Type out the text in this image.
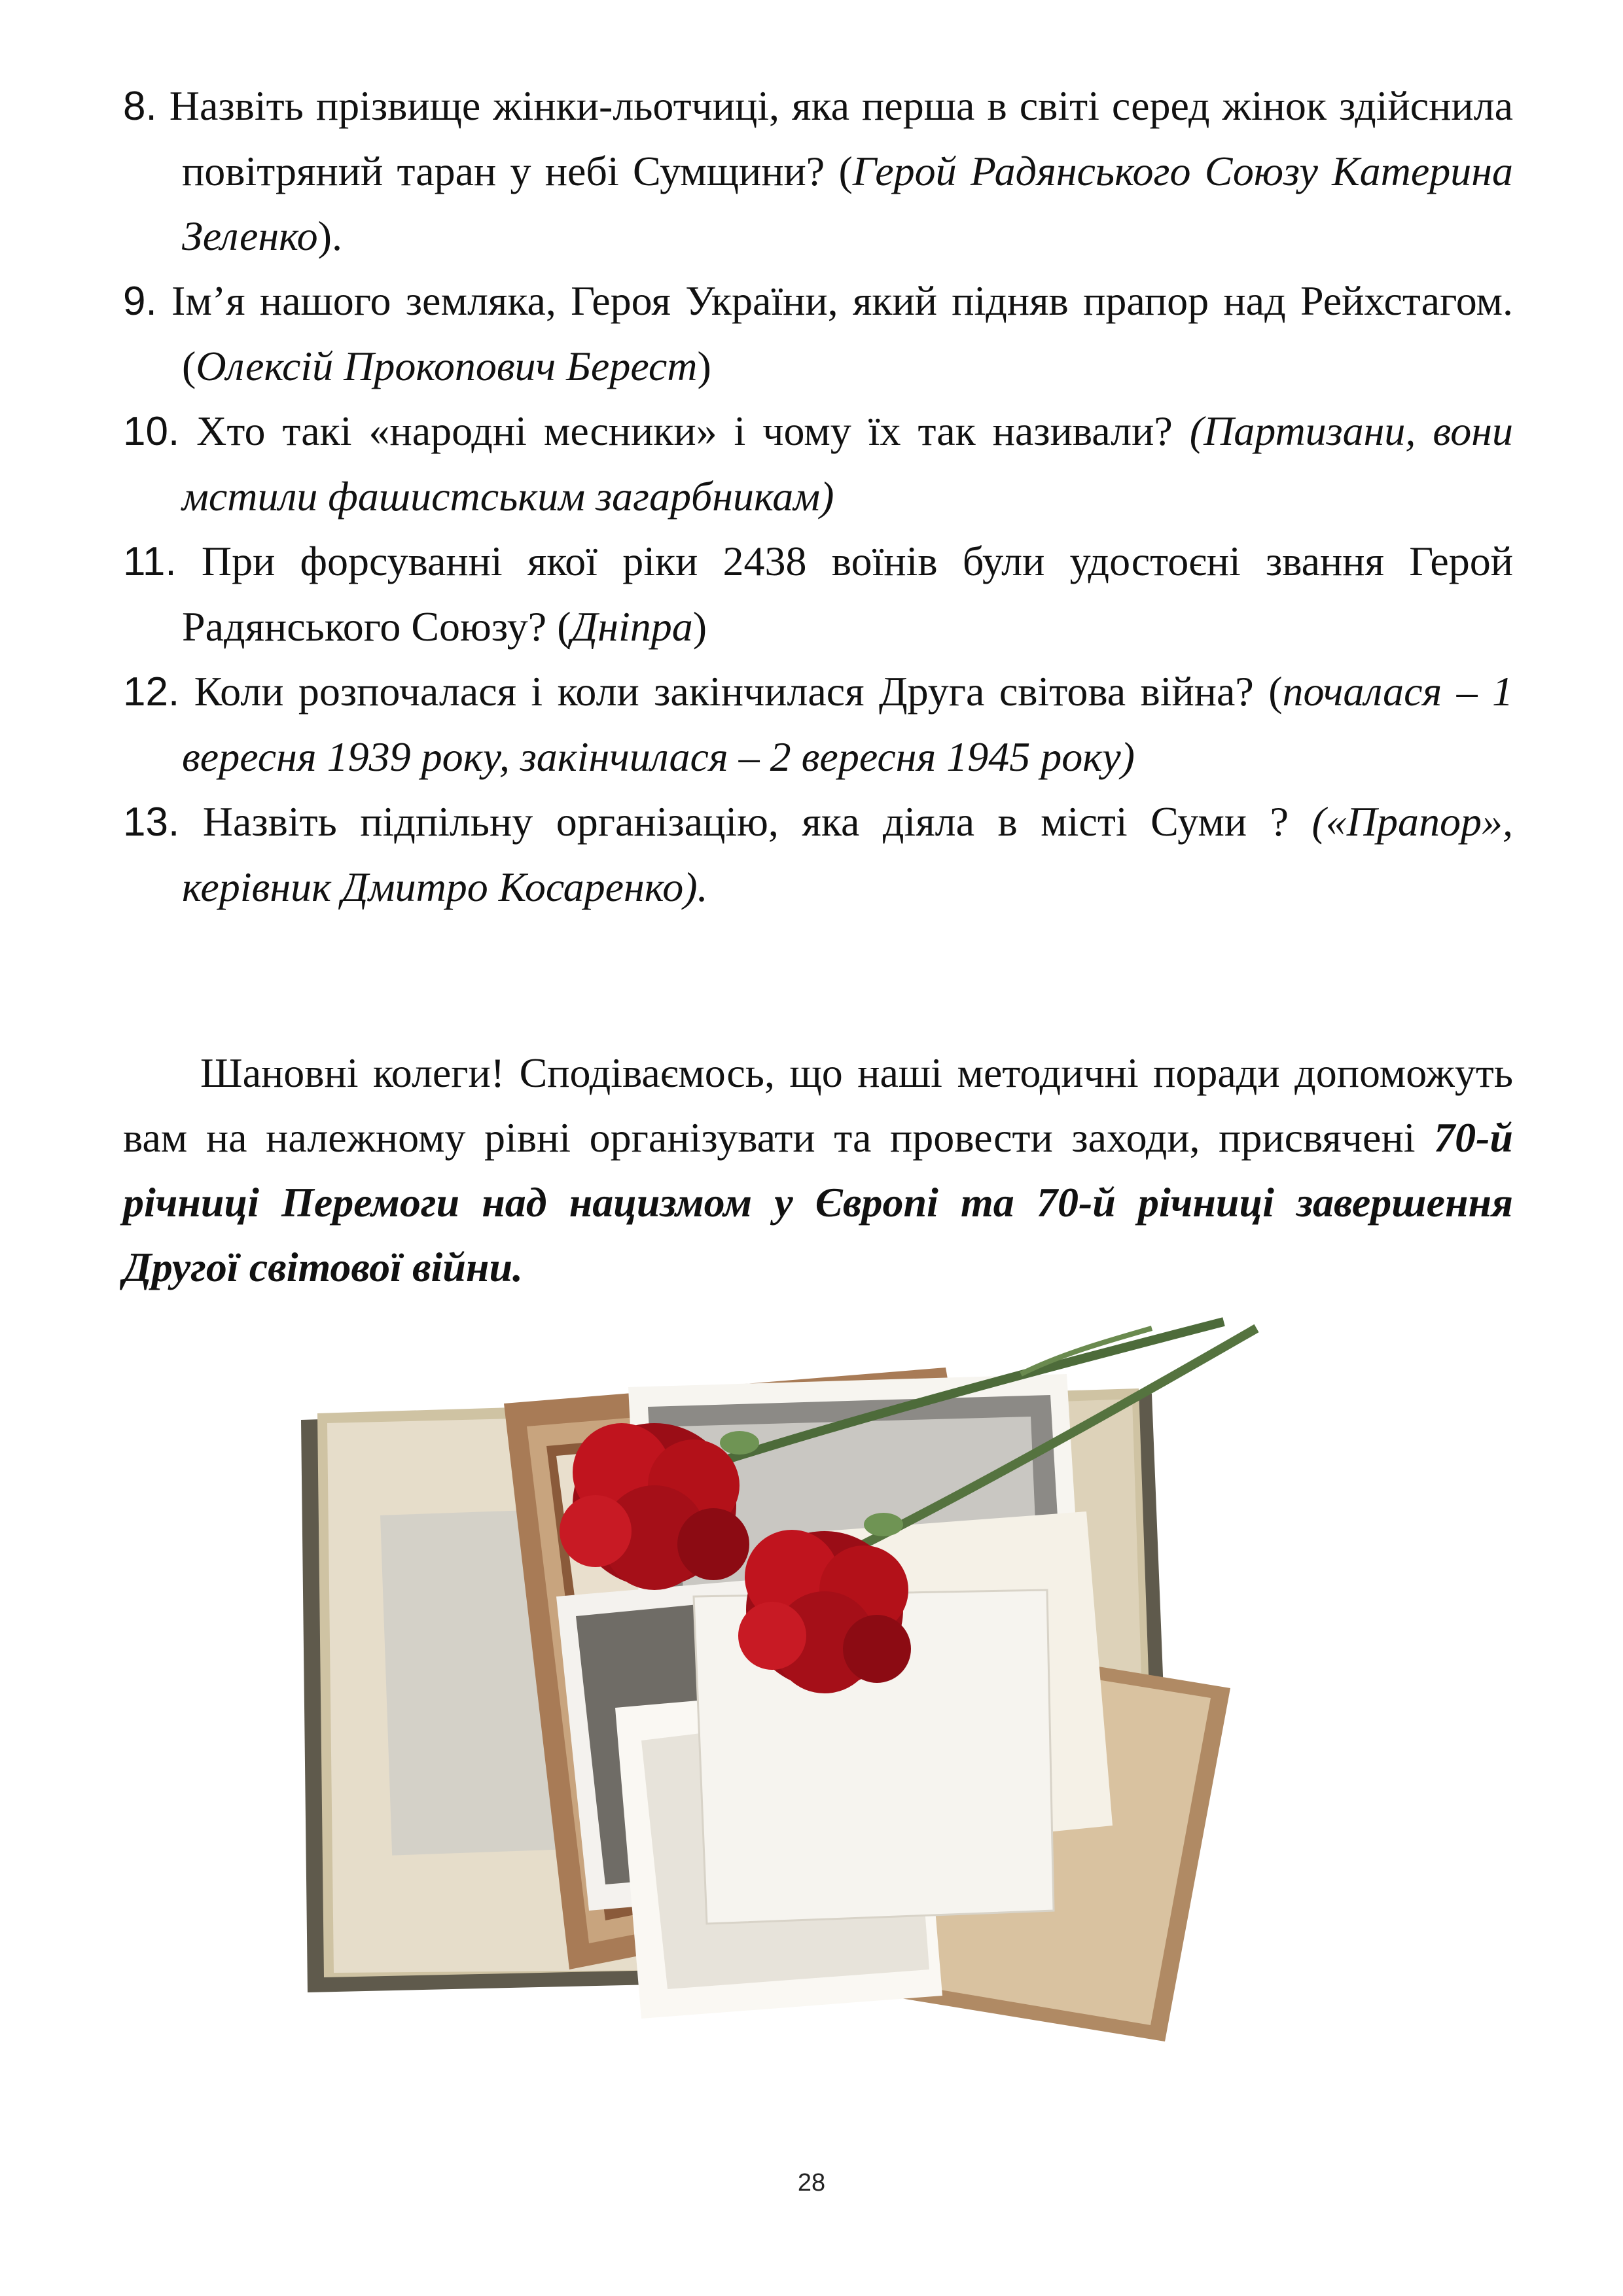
8. Назвіть прізвище жінки-льотчиці, яка перша в світі серед жінок здійснила повітряний таран у небі Сумщини? (Герой Радянського Союзу Катерина Зеленко).

9. Ім’я нашого земляка, Героя України, який підняв прапор над Рейхстагом. (Олексій Прокопович Берест)

10. Хто такі «народні месники» і чому їх так називали? (Партизани, вони мстили фашистським загарбникам)

11. При форсуванні якої ріки 2438 воїнів були удостоєні звання Герой Радянського Союзу? (Дніпра)

12. Коли розпочалася і коли закінчилася Друга світова війна? (почалася – 1 вересня 1939 року, закінчилася – 2 вересня 1945 року)

13. Назвіть підпільну організацію, яка діяла в місті Суми ? («Прапор», керівник Дмитро Косаренко).

Шановні колеги! Сподіваємось, що наші методичні поради допоможуть вам на належному рівні організувати та провести заходи, присвячені 70-й річниці Перемоги над нацизмом у Європі та 70-й річниці завершення Другої світової війни.

28
